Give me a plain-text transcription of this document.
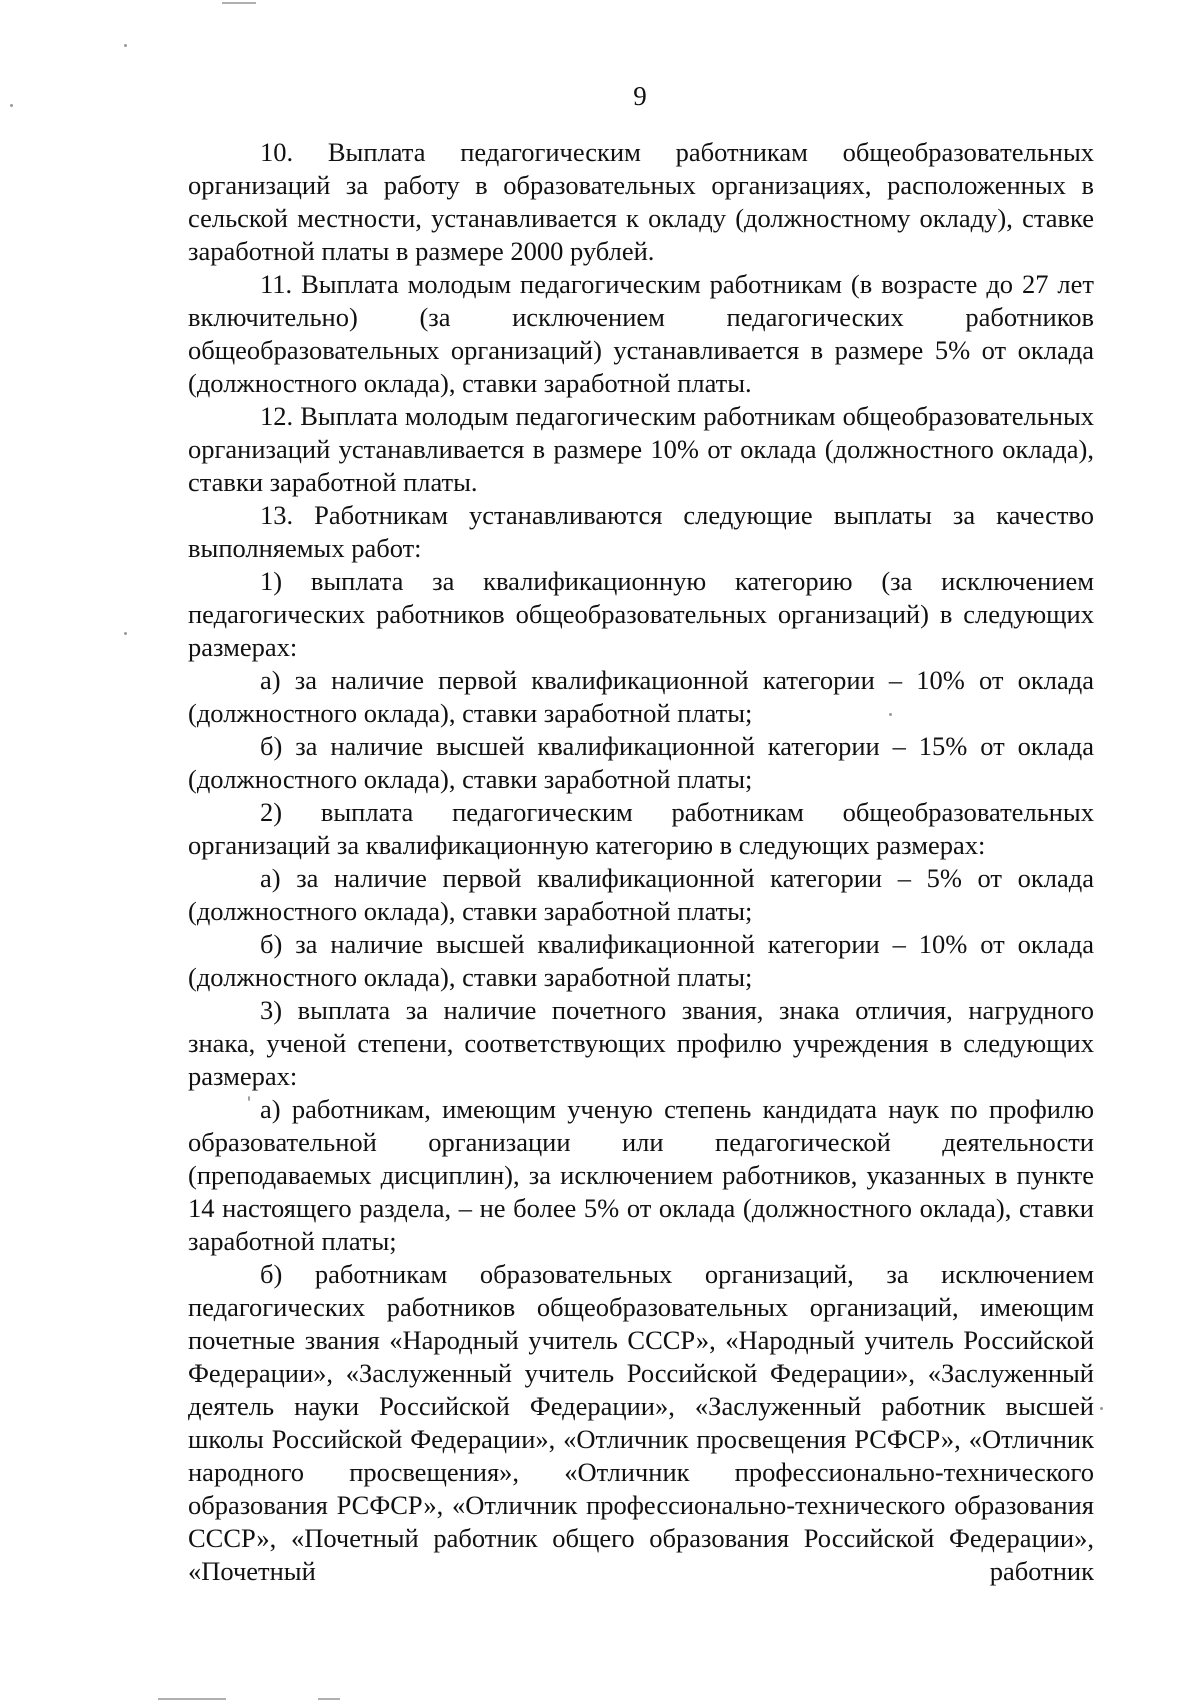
9

10. Выплата педагогическим работникам общеобразовательных организаций за работу в образовательных организациях, расположенных в сельской местности, устанавливается к окладу (должностному окладу), ставке заработной платы в размере 2000 рублей.

11. Выплата молодым педагогическим работникам (в возрасте до 27 лет включительно) (за исключением педагогических работников общеобразовательных организаций) устанавливается в размере 5% от оклада (должностного оклада), ставки заработной платы.

12. Выплата молодым педагогическим работникам общеобразовательных организаций устанавливается в размере 10% от оклада (должностного оклада), ставки заработной платы.

13. Работникам устанавливаются следующие выплаты за качество выполняемых работ:

1) выплата за квалификационную категорию (за исключением педагогических работников общеобразовательных организаций) в следующих размерах:

а) за наличие первой квалификационной категории – 10% от оклада (должностного оклада), ставки заработной платы;

б) за наличие высшей квалификационной категории – 15% от оклада (должностного оклада), ставки заработной платы;

2) выплата педагогическим работникам общеобразовательных организаций за квалификационную категорию в следующих размерах:

а) за наличие первой квалификационной категории – 5% от оклада (должностного оклада), ставки заработной платы;

б) за наличие высшей квалификационной категории – 10% от оклада (должностного оклада), ставки заработной платы;

3) выплата за наличие почетного звания, знака отличия, нагрудного знака, ученой степени, соответствующих профилю учреждения в следующих размерах:

а) работникам, имеющим ученую степень кандидата наук по профилю образовательной организации или педагогической деятельности (преподаваемых дисциплин), за исключением работников, указанных в пункте 14 настоящего раздела, – не более 5% от оклада (должностного оклада), ставки заработной платы;

б) работникам образовательных организаций, за исключением педагогических работников общеобразовательных организаций, имеющим почетные звания «Народный учитель СССР», «Народный учитель Российской Федерации», «Заслуженный учитель Российской Федерации», «Заслуженный деятель науки Российской Федерации», «Заслуженный работник высшей школы Российской Федерации», «Отличник просвещения РСФСР», «Отличник народного просвещения», «Отличник профессионально-технического образования РСФСР», «Отличник профессионально-технического образования СССР», «Почетный работник общего образования Российской Федерации», «Почетный работник
